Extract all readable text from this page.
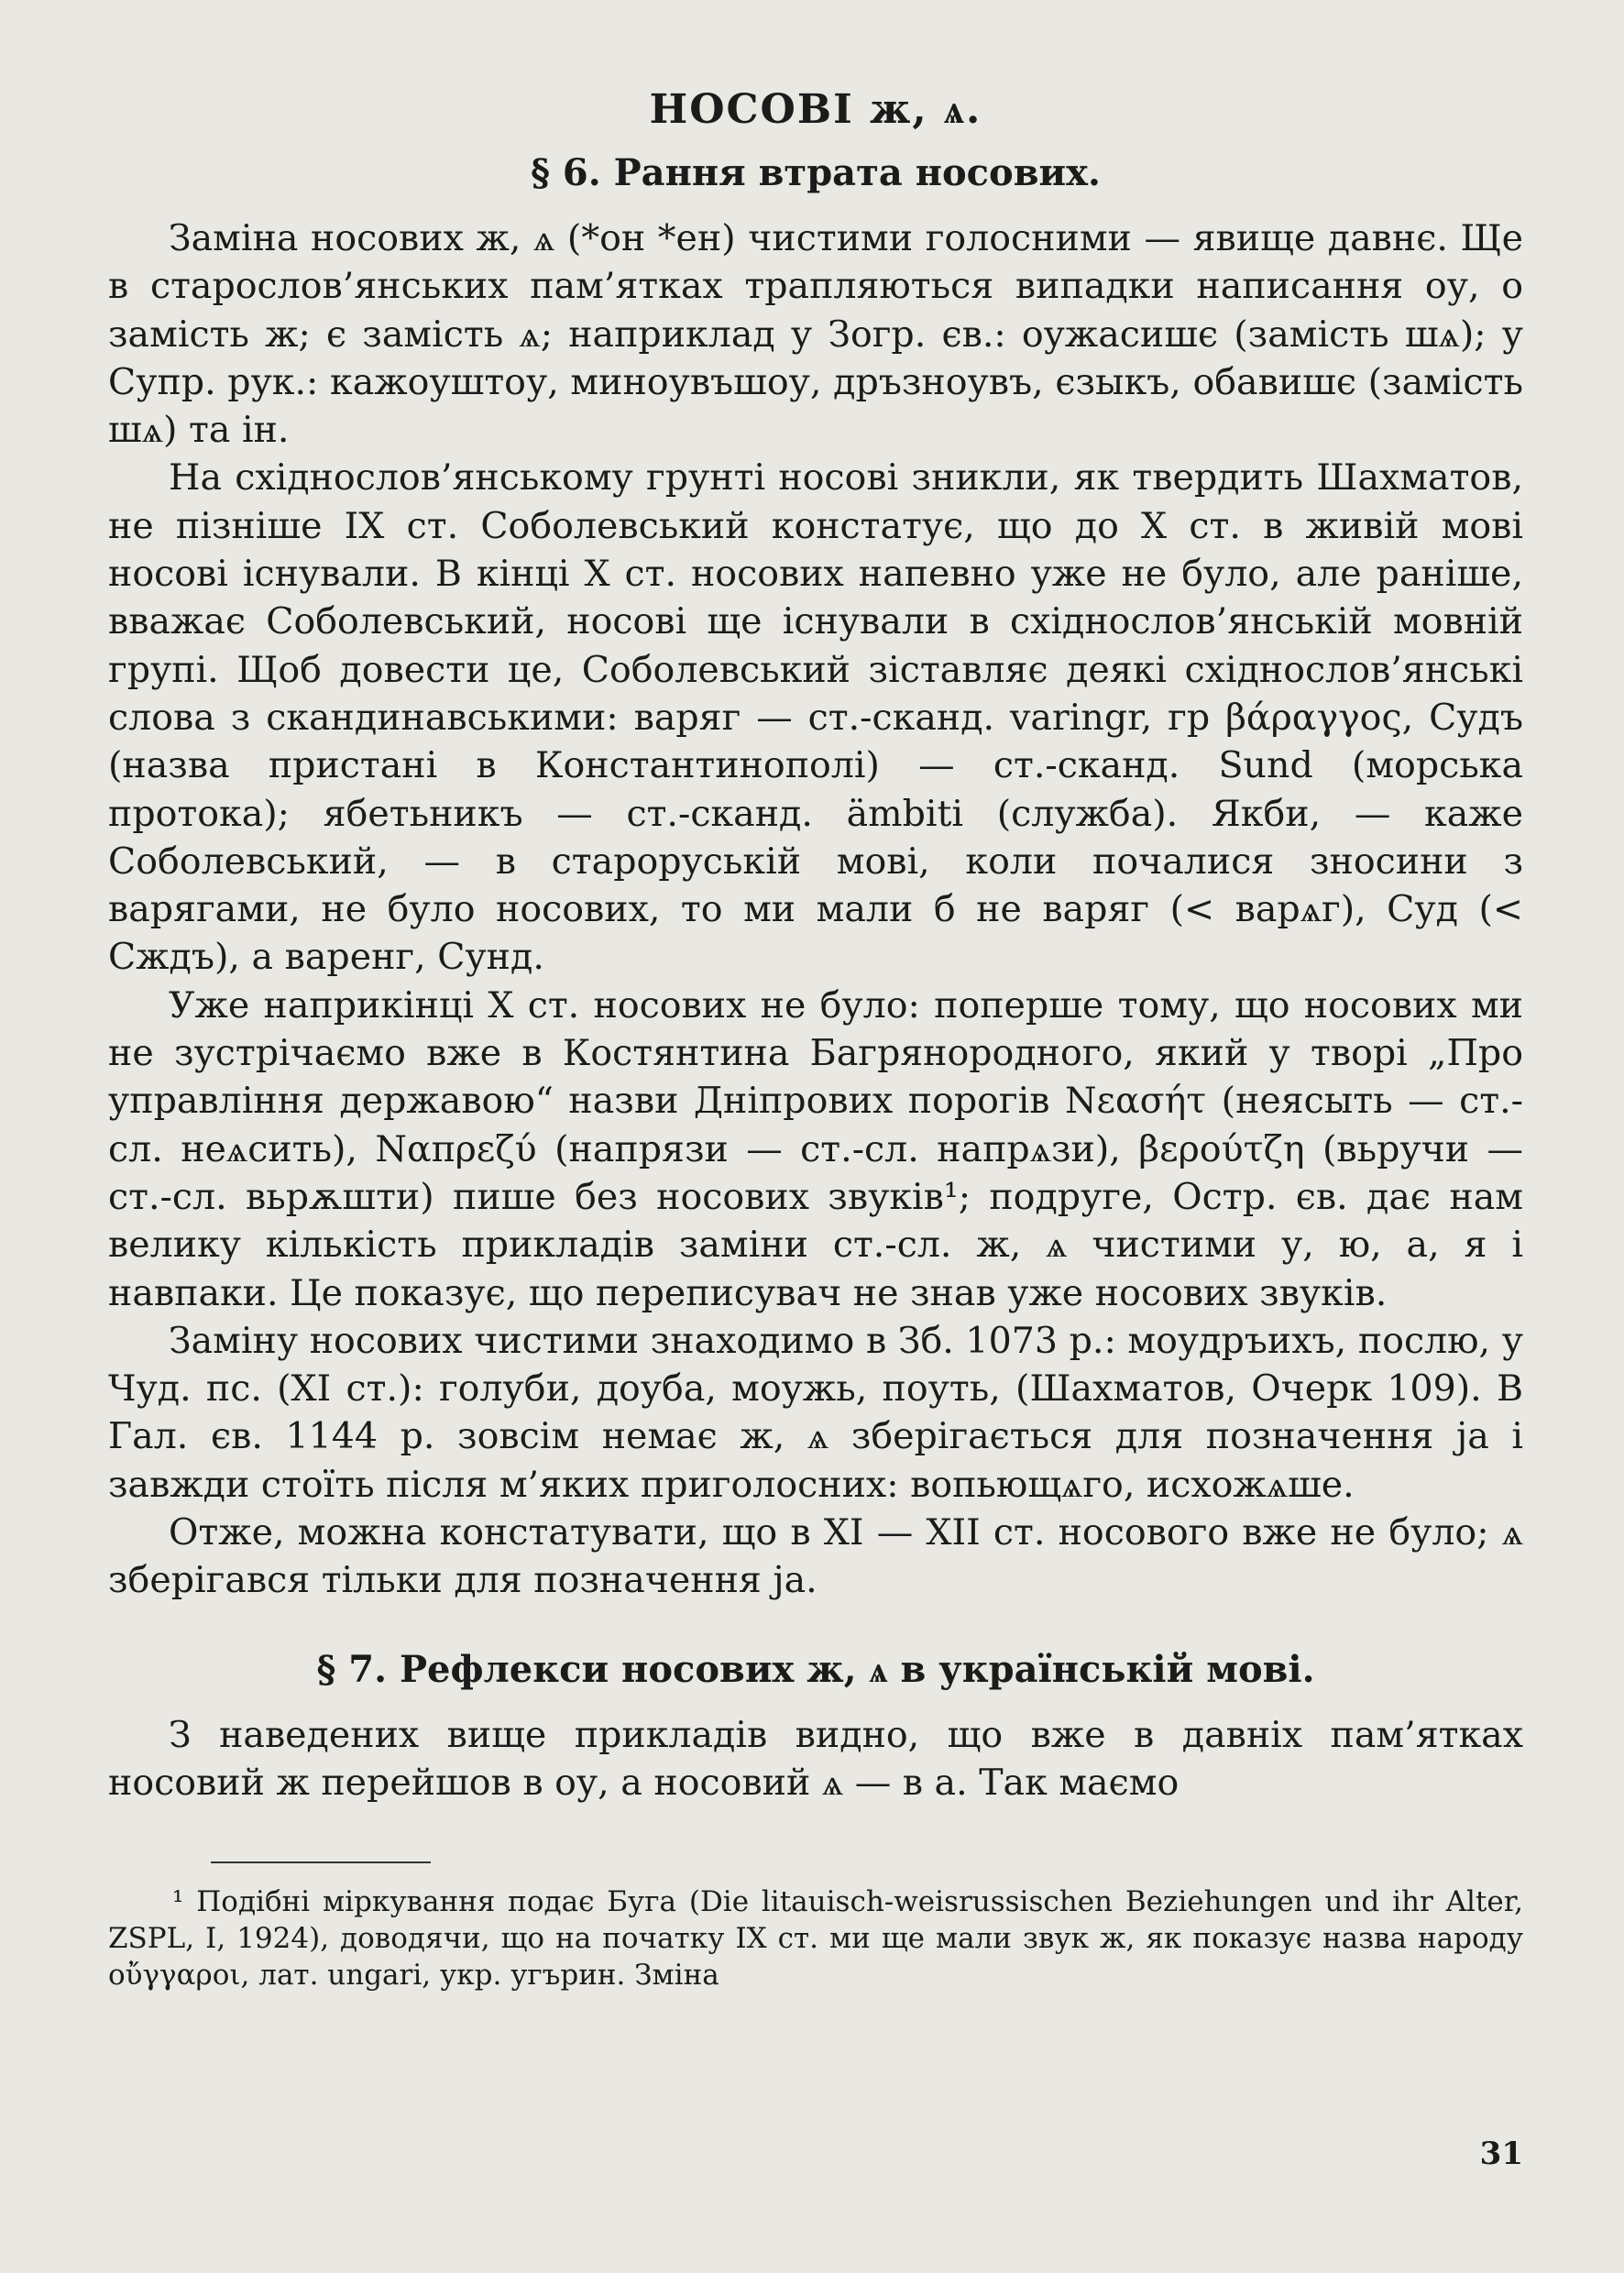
НОСОВІ ж, ѧ.
§ 6. Рання втрата носових.

Заміна носових ж, ѧ (*он *ен) чистими голосними — явище давнє. Ще в старослов’янських пам’ятках трапляються випадки написання оу, о замість ж; є замість ѧ; наприклад у Зогр. єв.: оужасишє (замість шѧ); у Супр. рук.: кажоуштоу, миноувъшоу, дръзноувъ, єзыкъ, обавишє (замість шѧ) та ін.

На східнослов’янському грунті носові зникли, як твердить Шахматов, не пізніше IX ст. Соболевський констатує, що до X ст. в живій мові носові існували. В кінці X ст. носових напевно уже не було, але раніше, вважає Соболевський, носові ще існували в східнослов’янській мовній групі. Щоб довести це, Соболевський зіставляє деякі східнослов’янські слова з скандинавськими: варяг — ст.-сканд. varingr, гр βάραγγος, Судъ (назва пристані в Константинополі) — ст.-сканд. Sund (морська протока); ябетьникъ — ст.-сканд. ämbiti (служба). Якби, — каже Соболевський, — в староруській мові, коли почалися зносини з варягами, не було носових, то ми мали б не варяг (< варѧг), Суд (< Сждъ), а варенг, Сунд.

Уже наприкінці X ст. носових не було: поперше тому, що носових ми не зустрічаємо вже в Костянтина Багрянородного, який у творі „Про управління державою“ назви Дніпрових порогів Νεασήτ (неясыть — ст.-сл. неѧсить), Ναπρεζύ (напрязи — ст.-сл. напрѧзи), βερούτζη (вьручи — ст.-сл. вьрѫшти) пише без носових звуків¹; подруге, Остр. єв. дає нам велику кількість прикладів заміни ст.-сл. ж, ѧ чистими у, ю, а, я і навпаки. Це показує, що переписувач не знав уже носових звуків.

Заміну носових чистими знаходимо в Зб. 1073 р.: моудръихъ, послю, у Чуд. пс. (XI ст.): голуби, доуба, моужь, поуть, (Шахматов, Очерк 109). В Гал. єв. 1144 р. зовсім немає ж, ѧ зберігається для позначення ja і завжди стоїть після м’яких приголосних: вопьющѧго, исхожѧше.

Отже, можна констатувати, що в XI — XII ст. носового вже не було; ѧ зберігався тільки для позначення ja.

§ 7. Рефлекси носових ж, ѧ в українській мові.

З наведених вище прикладів видно, що вже в давніх пам’ятках носовий ж перейшов в оу, а носовий ѧ — в а. Так маємо

¹ Подібні міркування подає Буга (Die litauisch-weisrussischen Beziehungen und ihr Alter, ZSPL, I, 1924), доводячи, що на початку IX ст. ми ще мали звук ж, як показує назва народу οὔγγαροι, лат. ungari, укр. угърин. Зміна

31
